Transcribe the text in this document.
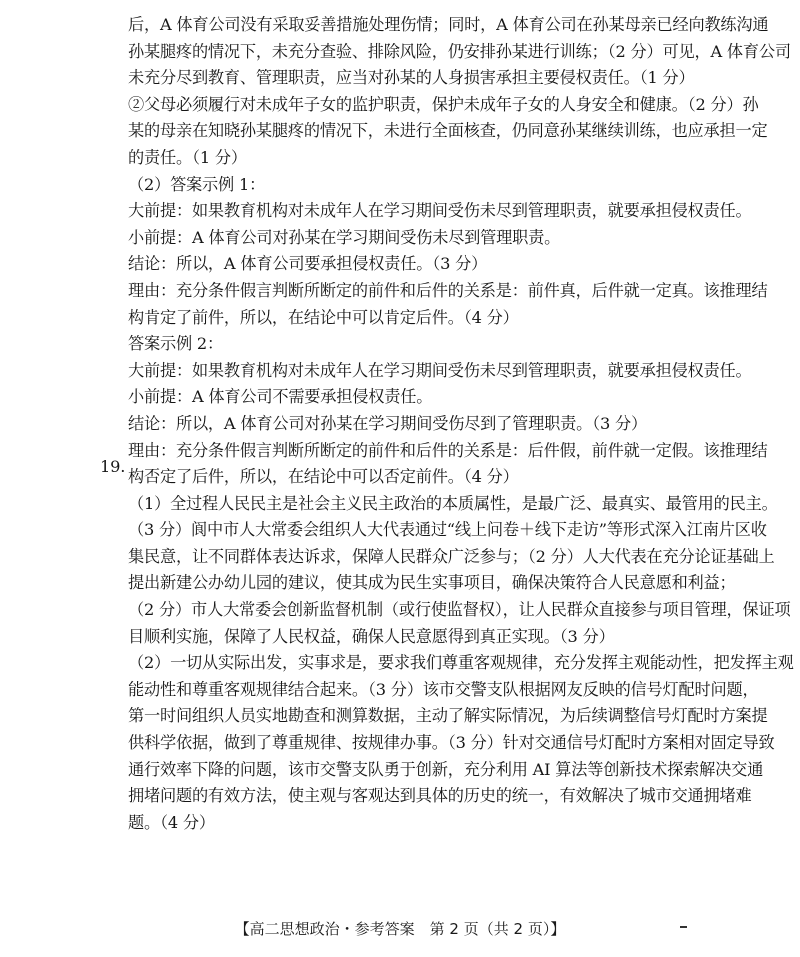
后，A 体育公司没有采取妥善措施处理伤情；同时，A 体育公司在孙某母亲已经向教练沟通
孙某腿疼的情况下，未充分查验、排除风险，仍安排孙某进行训练；（2 分）可见，A 体育公司
未充分尽到教育、管理职责，应当对孙某的人身损害承担主要侵权责任。（1 分）
②父母必须履行对未成年子女的监护职责，保护未成年子女的人身安全和健康。（2 分）孙
某的母亲在知晓孙某腿疼的情况下，未进行全面核查，仍同意孙某继续训练，也应承担一定
的责任。（1 分）
（2）答案示例 1：
大前提：如果教育机构对未成年人在学习期间受伤未尽到管理职责，就要承担侵权责任。
小前提：A 体育公司对孙某在学习期间受伤未尽到管理职责。
结论：所以，A 体育公司要承担侵权责任。（3 分）
理由：充分条件假言判断所断定的前件和后件的关系是：前件真，后件就一定真。该推理结
构肯定了前件，所以，在结论中可以肯定后件。（4 分）
答案示例 2：
大前提：如果教育机构对未成年人在学习期间受伤未尽到管理职责，就要承担侵权责任。
小前提：A 体育公司不需要承担侵权责任。
结论：所以，A 体育公司对孙某在学习期间受伤尽到了管理职责。（3 分）
理由：充分条件假言判断所断定的前件和后件的关系是：后件假，前件就一定假。该推理结
构否定了后件，所以，在结论中可以否定前件。（4 分）
（1）全过程人民民主是社会主义民主政治的本质属性，是最广泛、最真实、最管用的民主。
（3 分）阆中市人大常委会组织人大代表通过“线上问卷＋线下走访”等形式深入江南片区收
集民意，让不同群体表达诉求，保障人民群众广泛参与；（2 分）人大代表在充分论证基础上
提出新建公办幼儿园的建议，使其成为民生实事项目，确保决策符合人民意愿和利益；
（2 分）市人大常委会创新监督机制（或行使监督权），让人民群众直接参与项目管理，保证项
目顺利实施，保障了人民权益，确保人民意愿得到真正实现。（3 分）
（2）一切从实际出发，实事求是，要求我们尊重客观规律，充分发挥主观能动性，把发挥主观
能动性和尊重客观规律结合起来。（3 分）该市交警支队根据网友反映的信号灯配时问题，
第一时间组织人员实地勘查和测算数据，主动了解实际情况，为后续调整信号灯配时方案提
供科学依据，做到了尊重规律、按规律办事。（3 分）针对交通信号灯配时方案相对固定导致
通行效率下降的问题，该市交警支队勇于创新，充分利用 AI 算法等创新技术探索解决交通
拥堵问题的有效方法，使主观与客观达到具体的历史的统一，有效解决了城市交通拥堵难
题。（4 分）
19.
【高二思想政治・参考答案　第 2 页（共 2 页）】
